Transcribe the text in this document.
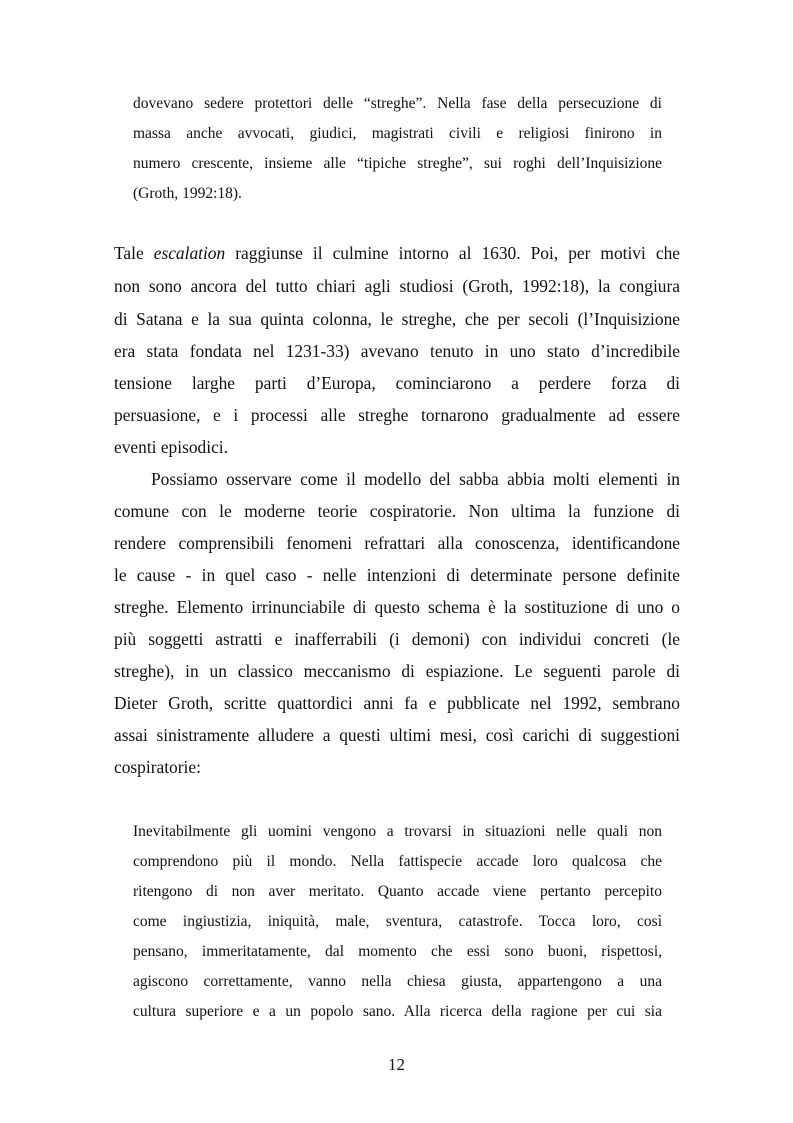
dovevano sedere protettori delle “streghe”. Nella fase della persecuzione di
massa anche avvocati, giudici, magistrati civili e religiosi finirono in
numero crescente, insieme alle “tipiche streghe”, sui roghi dell’Inquisizione
(Groth, 1992:18).
Tale escalation raggiunse il culmine intorno al 1630. Poi, per motivi che
non sono ancora del tutto chiari agli studiosi (Groth, 1992:18), la congiura
di Satana e la sua quinta colonna, le streghe, che per secoli (l’Inquisizione
era stata fondata nel 1231-33) avevano tenuto in uno stato d’incredibile
tensione larghe parti d’Europa, cominciarono a perdere forza di
persuasione, e i processi alle streghe tornarono gradualmente ad essere
eventi episodici.
Possiamo osservare come il modello del sabba abbia molti elementi in
comune con le moderne teorie cospiratorie. Non ultima la funzione di
rendere comprensibili fenomeni refrattari alla conoscenza, identificandone
le cause - in quel caso - nelle intenzioni di determinate persone definite
streghe. Elemento irrinunciabile di questo schema è la sostituzione di uno o
più soggetti astratti e inafferrabili (i demoni) con individui concreti (le
streghe), in un classico meccanismo di espiazione. Le seguenti parole di
Dieter Groth, scritte quattordici anni fa e pubblicate nel 1992, sembrano
assai sinistramente alludere a questi ultimi mesi, così carichi di suggestioni
cospiratorie:
Inevitabilmente gli uomini vengono a trovarsi in situazioni nelle quali non
comprendono più il mondo. Nella fattispecie accade loro qualcosa che
ritengono di non aver meritato. Quanto accade viene pertanto percepito
come ingiustizia, iniquità, male, sventura, catastrofe. Tocca loro, così
pensano, immeritatamente, dal momento che essi sono buoni, rispettosi,
agiscono correttamente, vanno nella chiesa giusta, appartengono a una
cultura superiore e a un popolo sano. Alla ricerca della ragione per cui sia
12
